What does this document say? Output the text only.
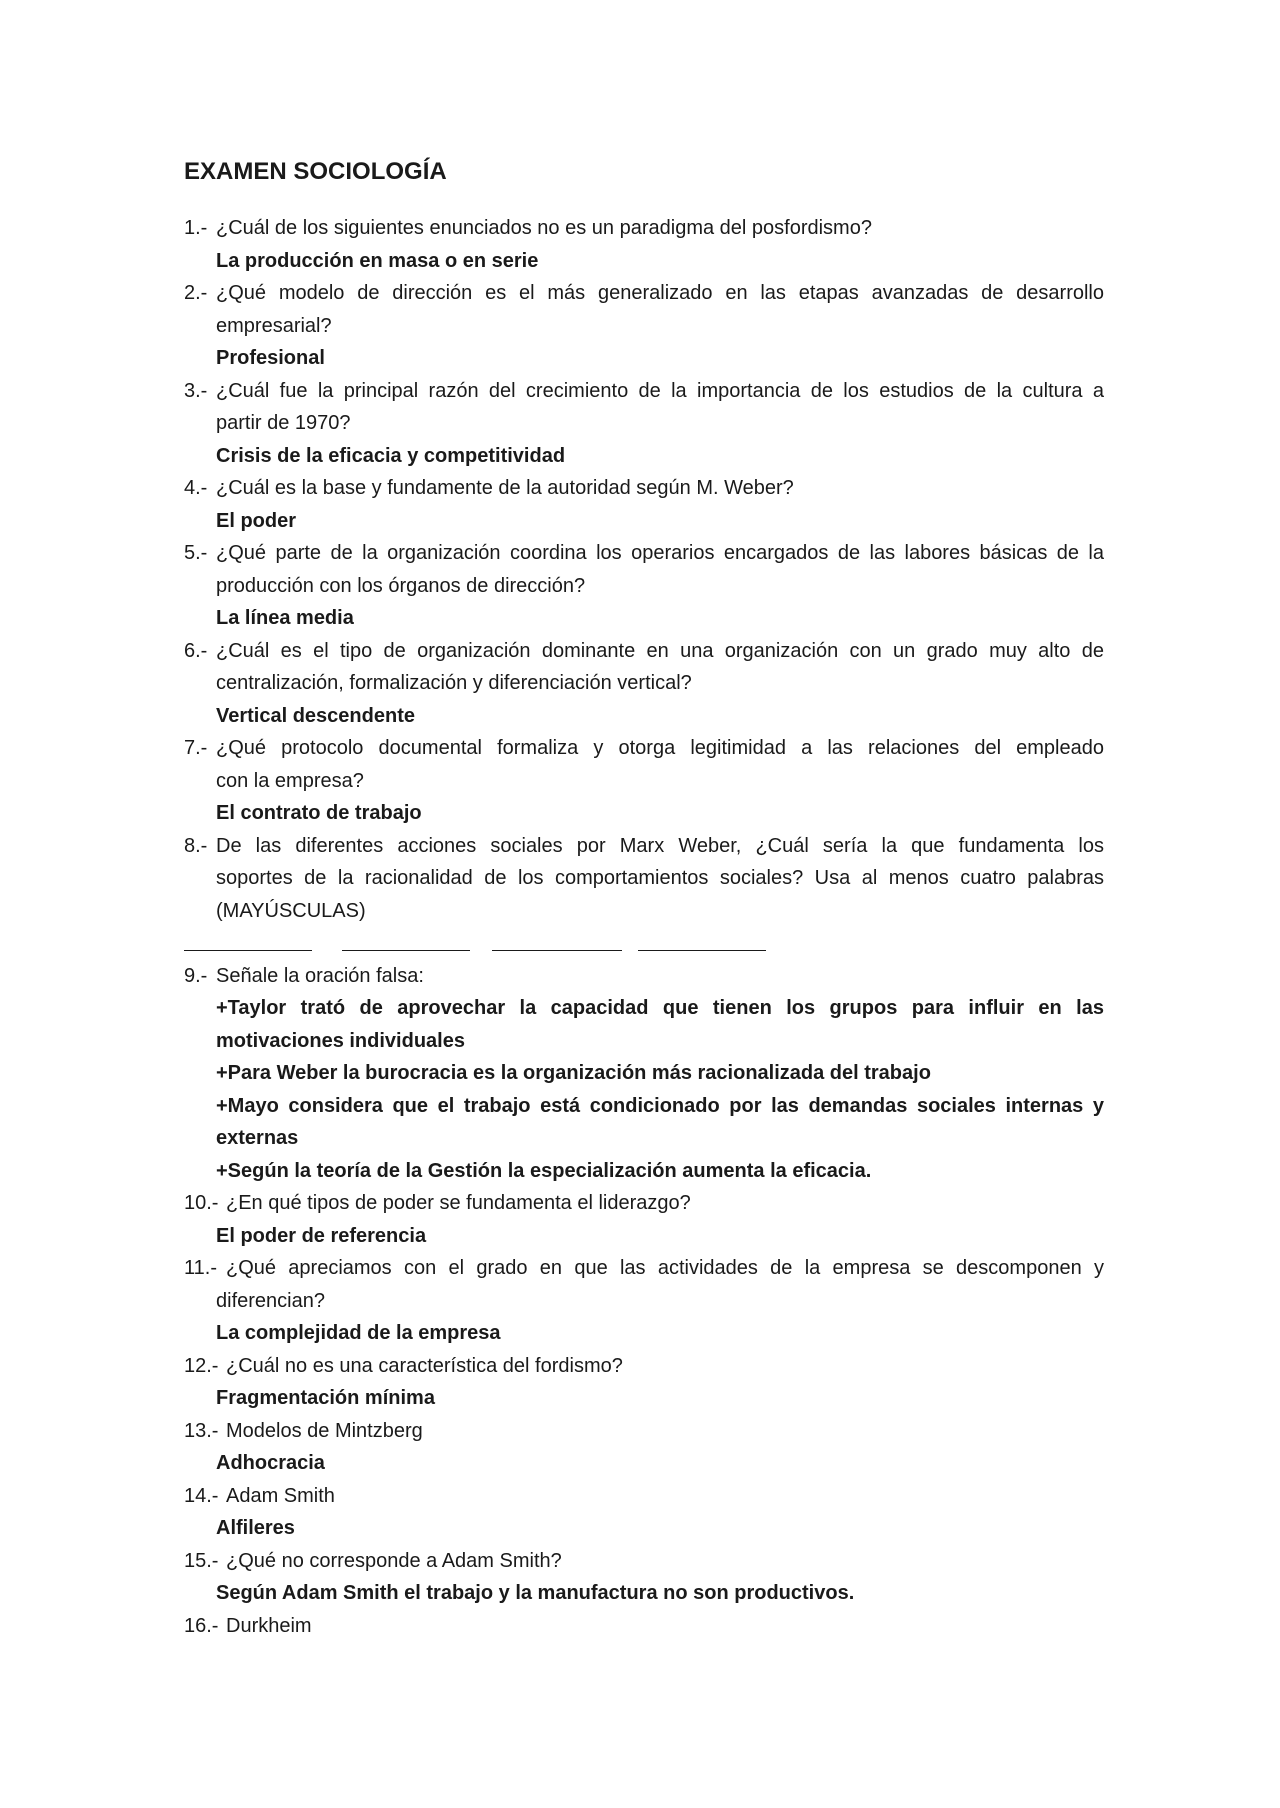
EXAMEN SOCIOLOGÍA
1.- ¿Cuál de los siguientes enunciados no es un paradigma del posfordismo?
La producción en masa o en serie
2.- ¿Qué modelo de dirección es el más generalizado en las etapas avanzadas de desarrollo
empresarial?
Profesional
3.- ¿Cuál fue la principal razón del crecimiento de la importancia de los estudios de la cultura a
partir de 1970?
Crisis de la eficacia y competitividad
4.- ¿Cuál es la base y fundamente de la autoridad según M. Weber?
El poder
5.- ¿Qué parte de la organización coordina los operarios encargados de las labores básicas de la
producción con los órganos de dirección?
La línea media
6.- ¿Cuál es el tipo de organización dominante en una organización con un grado muy alto de
centralización, formalización y diferenciación vertical?
Vertical descendente
7.- ¿Qué protocolo documental formaliza y otorga legitimidad a las relaciones del empleado
con la empresa?
El contrato de trabajo
8.- De las diferentes acciones sociales por Marx Weber, ¿Cuál sería la que fundamenta los
soportes de la racionalidad de los comportamientos sociales? Usa al menos cuatro palabras
(MAYÚSCULAS)
9.- Señale la oración falsa:
+Taylor trató de aprovechar la capacidad que tienen los grupos para influir en las
motivaciones individuales
+Para Weber la burocracia es la organización más racionalizada del trabajo
+Mayo considera que el trabajo está condicionado por las demandas sociales internas y
externas
+Según la teoría de la Gestión la especialización aumenta la eficacia.
10.- ¿En qué tipos de poder se fundamenta el liderazgo?
El poder de referencia
11.- ¿Qué apreciamos con el grado en que las actividades de la empresa se descomponen y
diferencian?
La complejidad de la empresa
12.- ¿Cuál no es una característica del fordismo?
Fragmentación mínima
13.- Modelos de Mintzberg
Adhocracia
14.- Adam Smith
Alfileres
15.- ¿Qué no corresponde a Adam Smith?
Según Adam Smith el trabajo y la manufactura no son productivos.
16.- Durkheim
